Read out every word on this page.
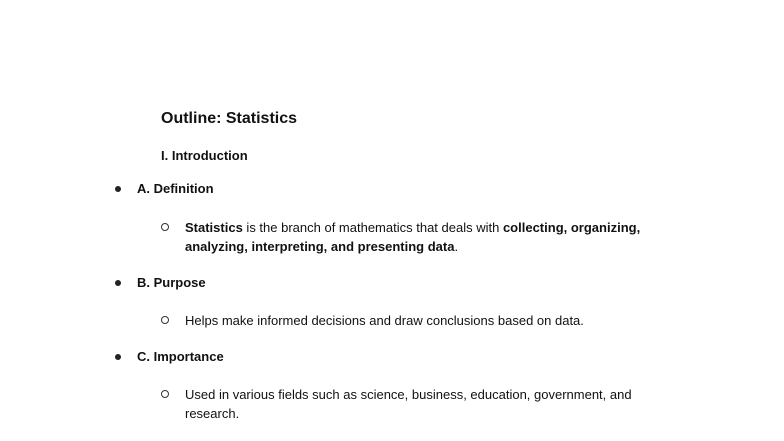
Outline: Statistics
I. Introduction
A. Definition
Statistics is the branch of mathematics that deals with collecting, organizing, analyzing, interpreting, and presenting data.
B. Purpose
Helps make informed decisions and draw conclusions based on data.
C. Importance
Used in various fields such as science, business, education, government, and research.
